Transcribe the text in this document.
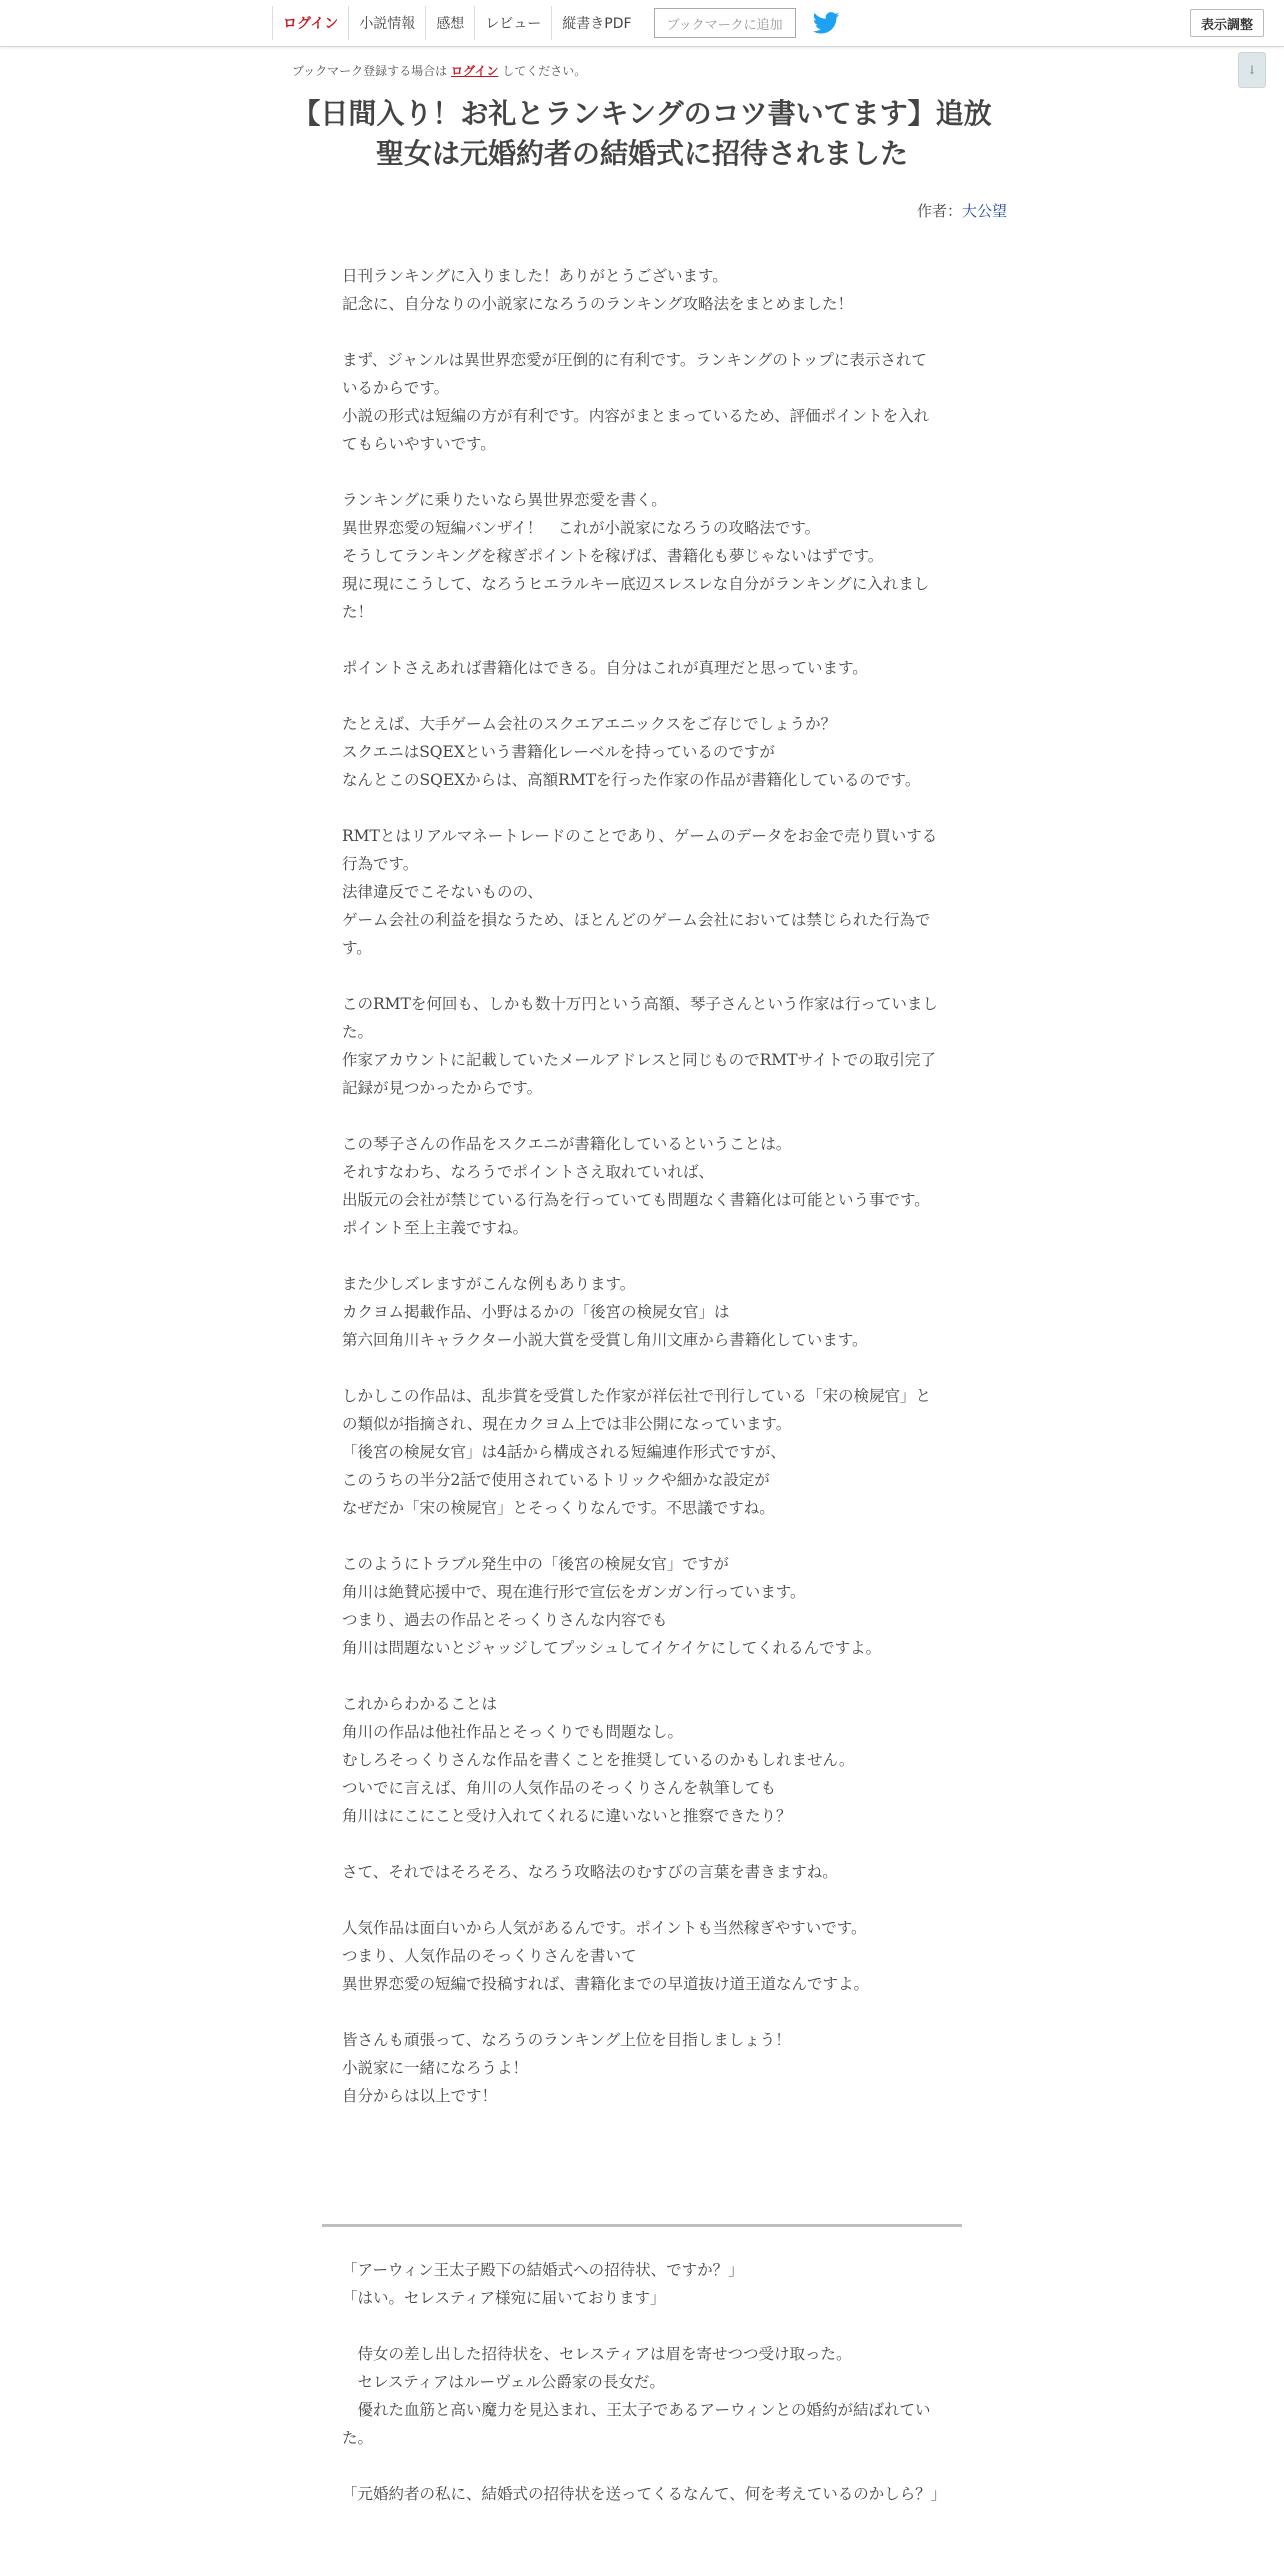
ログイン	小説情報	感想	レビュー	縦書きPDF	ブックマークに追加	表示調整
↓
ブックマーク登録する場合は ログイン してください。
【日間入り！お礼とランキングのコツ書いてます】追放聖女は元婚約者の結婚式に招待されました
作者：大公望

日刊ランキングに入りました！ありがとうございます。

記念に、自分なりの小説家になろうのランキング攻略法をまとめました！

まず、ジャンルは異世界恋愛が圧倒的に有利です。ランキングのトップに表示されているからです。

小説の形式は短編の方が有利です。内容がまとまっているため、評価ポイントを入れてもらいやすいです。

ランキングに乗りたいなら異世界恋愛を書く。

異世界恋愛の短編バンザイ！　これが小説家になろうの攻略法です。

そうしてランキングを稼ぎポイントを稼げば、書籍化も夢じゃないはずです。

現に現にこうして、なろうヒエラルキー底辺スレスレな自分がランキングに入れました！

ポイントさえあれば書籍化はできる。自分はこれが真理だと思っています。

たとえば、大手ゲーム会社のスクエアエニックスをご存じでしょうか？

スクエニはSQEXという書籍化レーベルを持っているのですが

なんとこのSQEXからは、高額RMTを行った作家の作品が書籍化しているのです。

RMTとはリアルマネートレードのことであり、ゲームのデータをお金で売り買いする行為です。

法律違反でこそないものの、

ゲーム会社の利益を損なうため、ほとんどのゲーム会社においては禁じられた行為です。

このRMTを何回も、しかも数十万円という高額、琴子さんという作家は行っていました。

作家アカウントに記載していたメールアドレスと同じものでRMTサイトでの取引完了記録が見つかったからです。

この琴子さんの作品をスクエニが書籍化しているということは。

それすなわち、なろうでポイントさえ取れていれば、

出版元の会社が禁じている行為を行っていても問題なく書籍化は可能という事です。

ポイント至上主義ですね。

また少しズレますがこんな例もあります。

カクヨム掲載作品、小野はるかの「後宮の検屍女官」は

第六回角川キャラクター小説大賞を受賞し角川文庫から書籍化しています。

しかしこの作品は、乱歩賞を受賞した作家が祥伝社で刊行している「宋の検屍官」との類似が指摘され、現在カクヨム上では非公開になっています。

「後宮の検屍女官」は4話から構成される短編連作形式ですが、

このうちの半分2話で使用されているトリックや細かな設定が

なぜだか「宋の検屍官」とそっくりなんです。不思議ですね。

このようにトラブル発生中の「後宮の検屍女官」ですが

角川は絶賛応援中で、現在進行形で宣伝をガンガン行っています。

つまり、過去の作品とそっくりさんな内容でも

角川は問題ないとジャッジしてプッシュしてイケイケにしてくれるんですよ。

これからわかることは

角川の作品は他社作品とそっくりでも問題なし。

むしろそっくりさんな作品を書くことを推奨しているのかもしれません。

ついでに言えば、角川の人気作品のそっくりさんを執筆しても

角川はにこにこと受け入れてくれるに違いないと推察できたり？

さて、それではそろそろ、なろう攻略法のむすびの言葉を書きますね。

人気作品は面白いから人気があるんです。ポイントも当然稼ぎやすいです。

つまり、人気作品のそっくりさんを書いて

異世界恋愛の短編で投稿すれば、書籍化までの早道抜け道王道なんですよ。

皆さんも頑張って、なろうのランキング上位を目指しましょう！

小説家に一緒になろうよ！

自分からは以上です！

「アーウィン王太子殿下の結婚式への招待状、ですか？」

「はい。セレスティア様宛に届いております」

　侍女の差し出した招待状を、セレスティアは眉を寄せつつ受け取った。

　セレスティアはルーヴェル公爵家の長女だ。

　優れた血筋と高い魔力を見込まれ、王太子であるアーウィンとの婚約が結ばれていた。

「元婚約者の私に、結婚式の招待状を送ってくるなんて、何を考えているのかしら？」
